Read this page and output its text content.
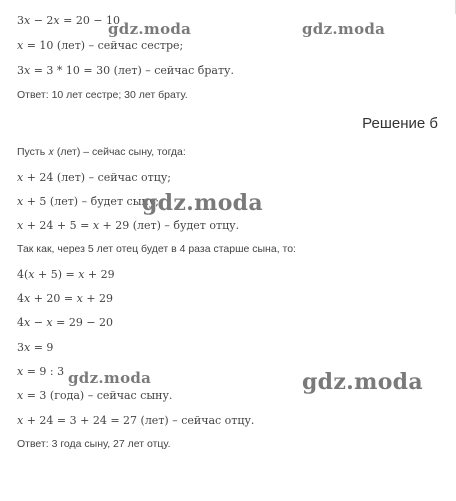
3𝑥 − 2𝑥 = 20 − 10
𝑥 = 10 (лет) – сейчас сестре;
3𝑥 = 3 * 10 = 30 (лет) – сейчас брату.
Ответ: 10 лет сестре; 30 лет брату.
Решение б
Пусть 𝑥 (лет) – сейчас сыну, тогда:
𝑥 + 24 (лет) – сейчас отцу;
𝑥 + 5 (лет) – будет сыну;
𝑥 + 24 + 5 = 𝑥 + 29 (лет) – будет отцу.
Так как, через 5 лет отец будет в 4 раза старше сына, то:
4(𝑥 + 5) = 𝑥 + 29
4𝑥 + 20 = 𝑥 + 29
4𝑥 − 𝑥 = 29 − 20
3𝑥 = 9
𝑥 = 9 : 3
𝑥 = 3 (года) – сейчас сыну.
𝑥 + 24 = 3 + 24 = 27 (лет) – сейчас отцу.
Ответ: 3 года сыну, 27 лет отцу.
gdz.moda	gdz.moda
gdz.moda
gdz.moda	gdz.moda
